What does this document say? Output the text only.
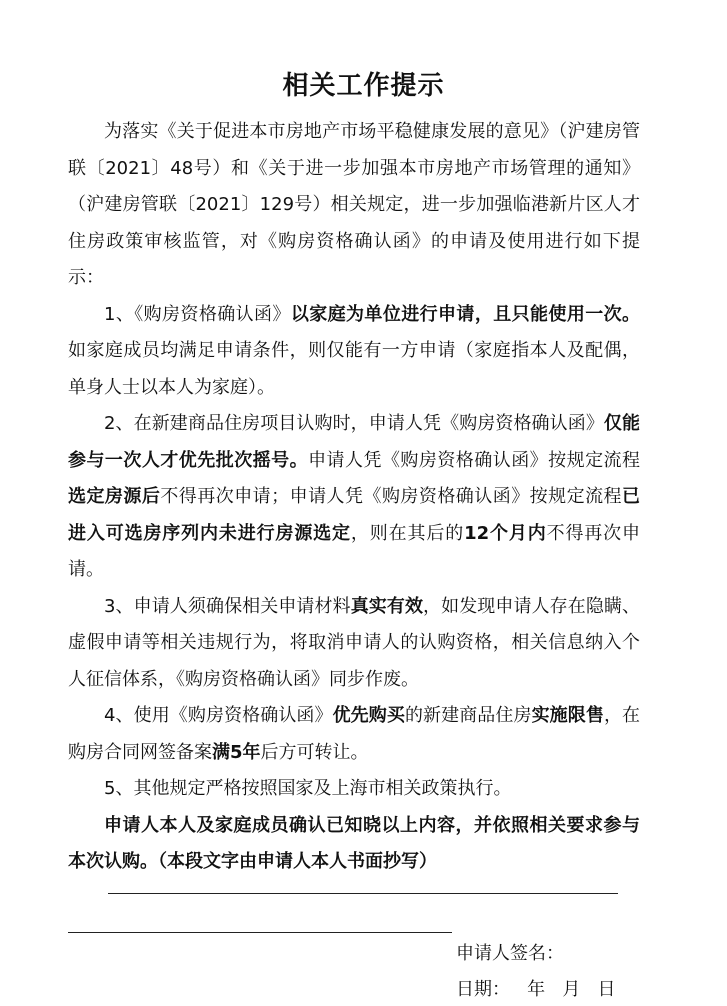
相关工作提示

为落实《关于促进本市房地产市场平稳健康发展的意见》（沪建房管联〔2021〕48号）和《关于进一步加强本市房地产市场管理的通知》（沪建房管联〔2021〕129号）相关规定，进一步加强临港新片区人才住房政策审核监管，对《购房资格确认函》的申请及使用进行如下提示：

1、《购房资格确认函》以家庭为单位进行申请，且只能使用一次。如家庭成员均满足申请条件，则仅能有一方申请（家庭指本人及配偶，单身人士以本人为家庭）。

2、在新建商品住房项目认购时，申请人凭《购房资格确认函》仅能参与一次人才优先批次摇号。申请人凭《购房资格确认函》按规定流程选定房源后不得再次申请；申请人凭《购房资格确认函》按规定流程已进入可选房序列内未进行房源选定，则在其后的12个月内不得再次申请。

3、申请人须确保相关申请材料真实有效，如发现申请人存在隐瞒、虚假申请等相关违规行为，将取消申请人的认购资格，相关信息纳入个人征信体系，《购房资格确认函》同步作废。

4、使用《购房资格确认函》优先购买的新建商品住房实施限售，在购房合同网签备案满5年后方可转让。

5、其他规定严格按照国家及上海市相关政策执行。

申请人本人及家庭成员确认已知晓以上内容，并依照相关要求参与本次认购。（本段文字由申请人本人书面抄写）

申请人签名：
日期： 年 月 日
